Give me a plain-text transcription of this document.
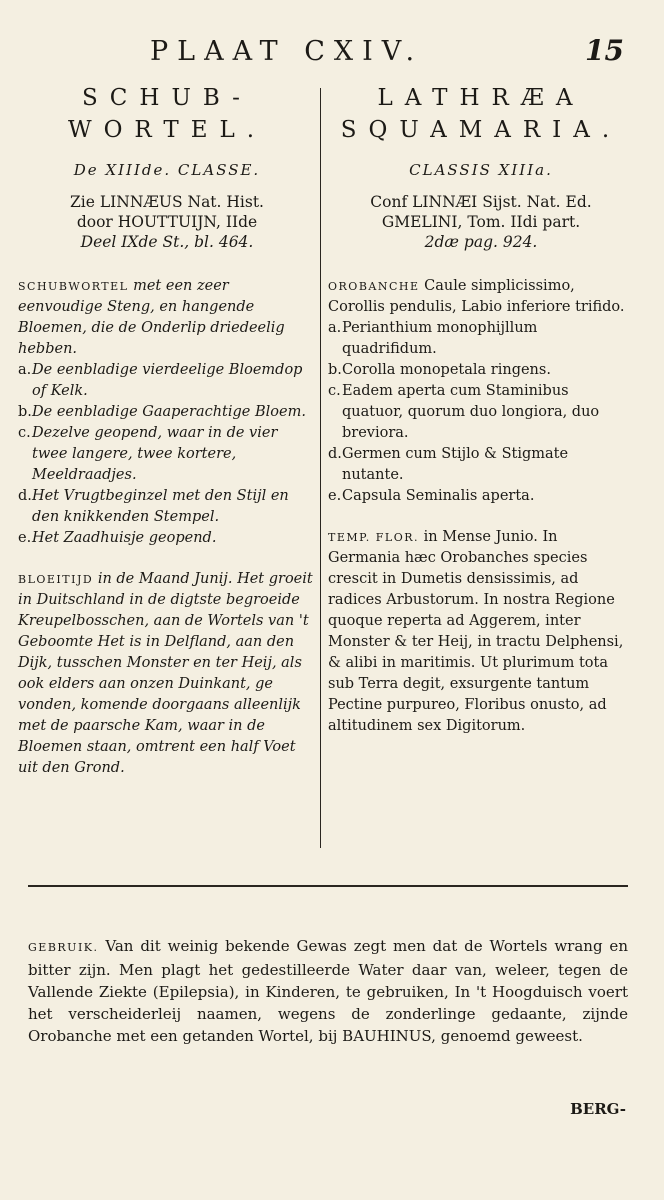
PLAAT CXIV.	15
SCHUB-
WORTEL.
De XIIIde. CLASSE.
Zie LINNÆUS Nat. Hist.
door HOUTTUIJN, IIde
Deel IXde St., bl. 464.
SCHUBWORTEL met een zeer eenvoudige Steng, en hangende Bloemen, die de Onderlip driedeelig hebben.
a. De eenbladige vierdeelige Bloemdop of Kelk.
b. De eenbladige Gaaperachtige Bloem.
c. Dezelve geopend, waar in de vier twee langere, twee kortere, Meeldraadjes.
d. Het Vrugtbeginzel met den Stijl en den knikkenden Stempel.
e. Het Zaadhuisje geopend.
BLOEITIJD in de Maand Junij. Het groeit in Duitschland in de digtste begroeide Kreupelbosschen, aan de Wortels van 't Geboomte Het is in Delfland, aan den Dijk, tusschen Monster en ter Heij, als ook elders aan onzen Duinkant, ge vonden, komende doorgaans alleenlijk met de paarsche Kam, waar in de Bloemen staan, omtrent een half Voet uit den Grond.
LATHRÆA
SQUAMARIA.
CLASSIS XIIIa.
Conf LINNÆI Sijst. Nat. Ed.
GMELINI, Tom. IIdi part.
2dæ pag. 924.
OROBANCHE Caule simplicissimo, Corollis pendulis, Labio inferiore trifido.
a. Perianthium monophijllum quadrifidum.
b. Corolla monopetala ringens.
c. Eadem aperta cum Staminibus quatuor, quorum duo longiora, duo breviora.
d. Germen cum Stijlo & Stigmate nutante.
e. Capsula Seminalis aperta.
TEMP. FLOR. in Mense Junio. In Germania hæc Orobanches species crescit in Dumetis densissimis, ad radices Arbustorum. In nostra Regione quoque reperta ad Aggerem, inter Monster & ter Heij, in tractu Delphensi, & alibi in maritimis. Ut plurimum tota sub Terra degit, exsurgente tantum Pectine purpureo, Floribus onusto, ad altitudinem sex Digitorum.
GEBRUIK. Van dit weinig bekende Gewas zegt men dat de Wortels wrang en bitter zijn. Men plagt het gedestilleerde Water daar van, weleer, tegen de Vallende Ziekte (Epilepsia), in Kinderen, te gebruiken, In 't Hoogduisch voert het verscheiderleij naamen, wegens de zonderlinge gedaante, zijnde Orobanche met een getanden Wortel, bij BAUHINUS, genoemd geweest.
BERG-
